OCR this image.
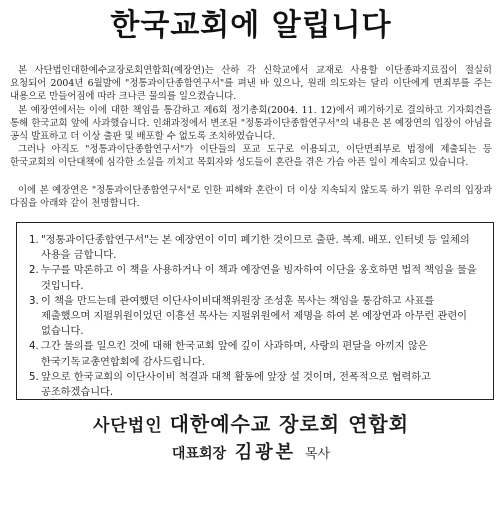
한국교회에 알립니다

본 사단법인대한예수교장로회연합회(예장연)는 산하 각 신학교에서 교재로 사용할 이단종파지료집이 절실히 요청되어 2004년 6월발에 "정통과이단종합연구서"를 펴낸 바 있으나, 원래 의도와는 달리 이단에게 면죄부를 주는 내용으로 만들어짐에 따라 크나큰 물의를 일으켰습니다.

본 예장연에서는 이에 대한 책임을 통감하고 제6회 정기총회(2004. 11. 12)에서 폐기하기로 결의하고 기자회견을 통해 한국교회 앞에 사과했습니다. 인쇄과정에서 변조된 "정통과이단종합연구서"의 내용은 본 예장연의 입장이 아님을 공식 발표하고 더 이상 출판 및 배포할 수 없도록 조치하였습니다.

그러나 아직도 "정통과이단종합연구서"가 이단들의 포교 도구로 이용되고, 이단면죄부로 법정에 제출되는 등 한국교회의 이단대책에 심각한 소실을 끼치고 목회자와 성도들이 혼란을 겪은 가슴 아픈 일이 계속되고 있습니다.

이에 본 예장연은 "정통과이단종합연구서"로 인한 피해와 혼란이 더 이상 지속되지 않도록 하기 위한 우리의 입장과 다짐을 아래와 같이 천명합니다.

1. "정통과이단종합연구서"는 본 예장연이 이미 폐기한 것이므로 출판. 복제. 배포. 인터넷 등 일체의 사용을 금합니다.
2. 누구를 막론하고 이 책을 사용하거나 이 책과 예장연을 빙자하여 이단을 옹호하면 법적 책임을 물을 것입니다.
3. 이 책을 만드는데 관여했던 이단사이비대책위원장 조성훈 목사는 책임을 통감하고 사표를 제출했으며 지펄위원이었던 이흥선 목사는 지펄위원에서 제명을 하여 본 예장연과 아무런 관련이 없습니다.
4. 그간 물의를 일으킨 것에 대해 한국교회 앞에 깊이 사과하며, 사랑의 편달을 아끼지 않은 한국기독교총연합회에 감사드립니다.
5. 앞으로 한국교회의 이단사이비 척결과 대책 활동에 앞장 설 것이며, 전폭적으로 협력하고 공조하겠습니다.
사단법인 대한예수교 장로회 연합회
대표회장 김광본 목사
